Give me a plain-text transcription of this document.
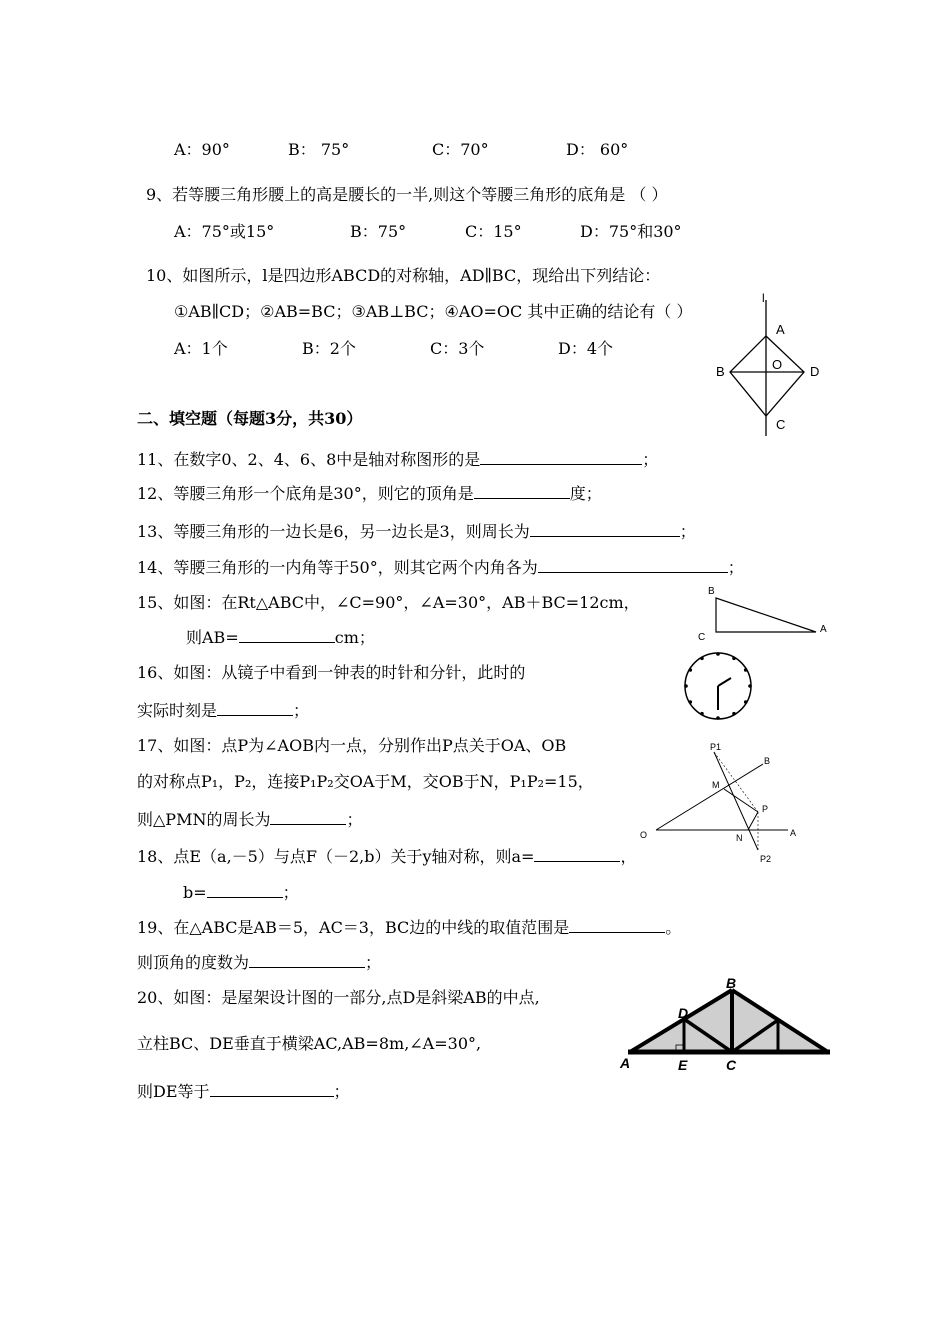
A：90°	B： 75°	C：70°	D： 60°
9、若等腰三角形腰上的高是腰长的一半,则这个等腰三角形的底角是 （ ）
A：75°或15°	B：75°	C：15°	D：75°和30°
10、如图所示，l是四边形ABCD的对称轴，AD∥BC，现给出下列结论：
①AB∥CD；②AB=BC；③AB⊥BC；④AO=OC 其中正确的结论有（ ）
A：1个	B：2个	C：3个	D：4个
l
A
B	O D
C
二、填空题（每题3分，共30）
11、在数字0、2、4、6、8中是轴对称图形的是	；
12、等腰三角形一个底角是30°，则它的顶角是	度；
13、等腰三角形的一边长是6，另一边长是3，则周长为	；
14、等腰三角形的一内角等于50°，则其它两个内角各为	；
15、如图：在Rt△ABC中，∠C=90°，∠A=30°，AB＋BC=12cm，
则AB=	cm；
B
C
A
16、如图：从镜子中看到一钟表的时针和分针，此时的
实际时刻是	；
17、如图：点P为∠AOB内一点，分别作出P点关于OA、OB
的对称点P₁，P₂，连接P₁P₂交OA于M，交OB于N，P₁P₂=15，
则△PMN的周长为	；
P1
B
M
P
O	N	A
P2
18、点E（a,－5）与点F（－2,b）关于y轴对称，则a=	，
b=	；
19、在△ABC是AB＝5，AC＝3，BC边的中线的取值范围是	。
则顶角的度数为	；
20、如图：是屋架设计图的一部分,点D是斜梁AB的中点,
立柱BC、DE垂直于横梁AC,AB=8m,∠A=30°,
则DE等于	；
A
B
D
E	C
